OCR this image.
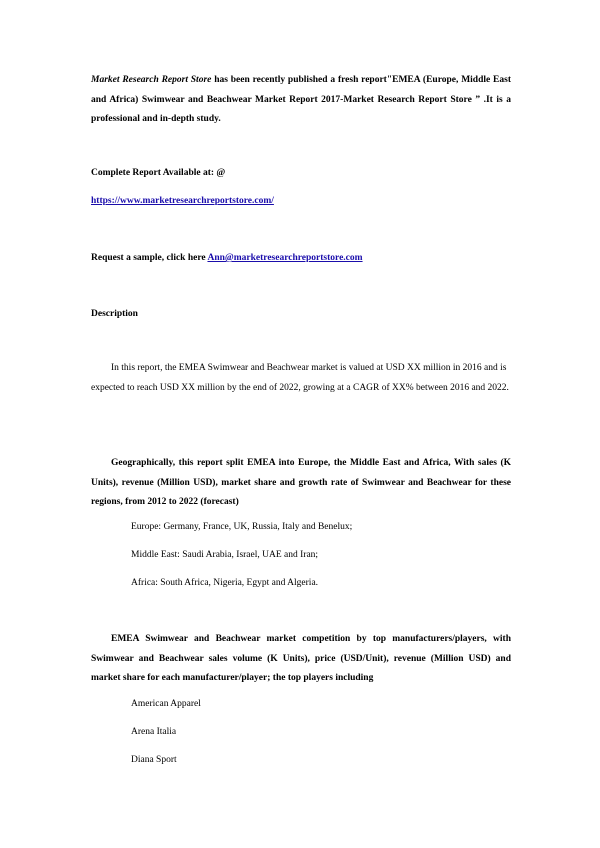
Market Research Report Store has been recently published a fresh report"EMEA (Europe, Middle East and Africa) Swimwear and Beachwear Market Report 2017-Market Research Report Store ” .It is a professional and in-depth study.
Complete Report Available at: @
https://www.marketresearchreportstore.com/
Request a sample, click here Ann@marketresearchreportstore.com
Description
In this report, the EMEA Swimwear and Beachwear market is valued at USD XX million in 2016 and is expected to reach USD XX million by the end of 2022, growing at a CAGR of XX% between 2016 and 2022.
Geographically, this report split EMEA into Europe, the Middle East and Africa, With sales (K Units), revenue (Million USD), market share and growth rate of Swimwear and Beachwear for these regions, from 2012 to 2022 (forecast)
Europe: Germany, France, UK, Russia, Italy and Benelux;
Middle East: Saudi Arabia, Israel, UAE and Iran;
Africa: South Africa, Nigeria, Egypt and Algeria.
EMEA Swimwear and Beachwear market competition by top manufacturers/players, with Swimwear and Beachwear sales volume (K Units), price (USD/Unit), revenue (Million USD) and market share for each manufacturer/player; the top players including
American Apparel
Arena Italia
Diana Sport
